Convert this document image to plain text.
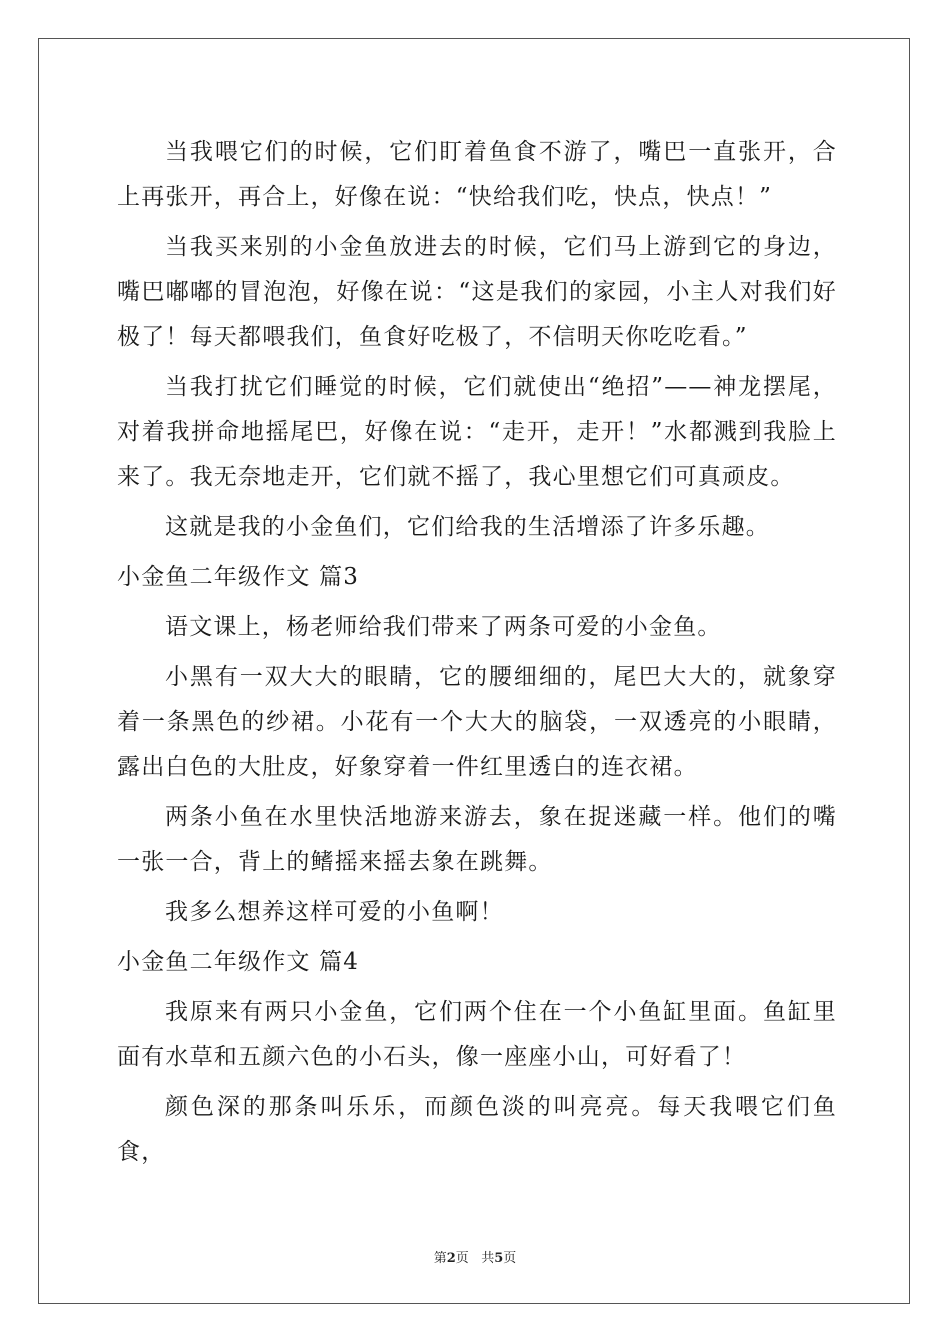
当我喂它们的时候，它们盯着鱼食不游了，嘴巴一直张开，合上再张开，再合上，好像在说：“快给我们吃，快点，快点！”

当我买来别的小金鱼放进去的时候，它们马上游到它的身边，嘴巴嘟嘟的冒泡泡，好像在说：“这是我们的家园，小主人对我们好极了！每天都喂我们，鱼食好吃极了，不信明天你吃吃看。”

当我打扰它们睡觉的时候，它们就使出“绝招”——神龙摆尾，对着我拼命地摇尾巴，好像在说：“走开，走开！”水都溅到我脸上来了。我无奈地走开，它们就不摇了，我心里想它们可真顽皮。

这就是我的小金鱼们，它们给我的生活增添了许多乐趣。

小金鱼二年级作文 篇3

语文课上，杨老师给我们带来了两条可爱的小金鱼。

小黑有一双大大的眼睛，它的腰细细的，尾巴大大的，就象穿着一条黑色的纱裙。小花有一个大大的脑袋，一双透亮的小眼睛，露出白色的大肚皮，好象穿着一件红里透白的连衣裙。

两条小鱼在水里快活地游来游去，象在捉迷藏一样。他们的嘴一张一合，背上的鳍摇来摇去象在跳舞。

我多么想养这样可爱的小鱼啊！

小金鱼二年级作文 篇4

我原来有两只小金鱼，它们两个住在一个小鱼缸里面。鱼缸里面有水草和五颜六色的小石头，像一座座小山，可好看了！

颜色深的那条叫乐乐，而颜色淡的叫亮亮。每天我喂它们鱼食，

第2页 共5页
